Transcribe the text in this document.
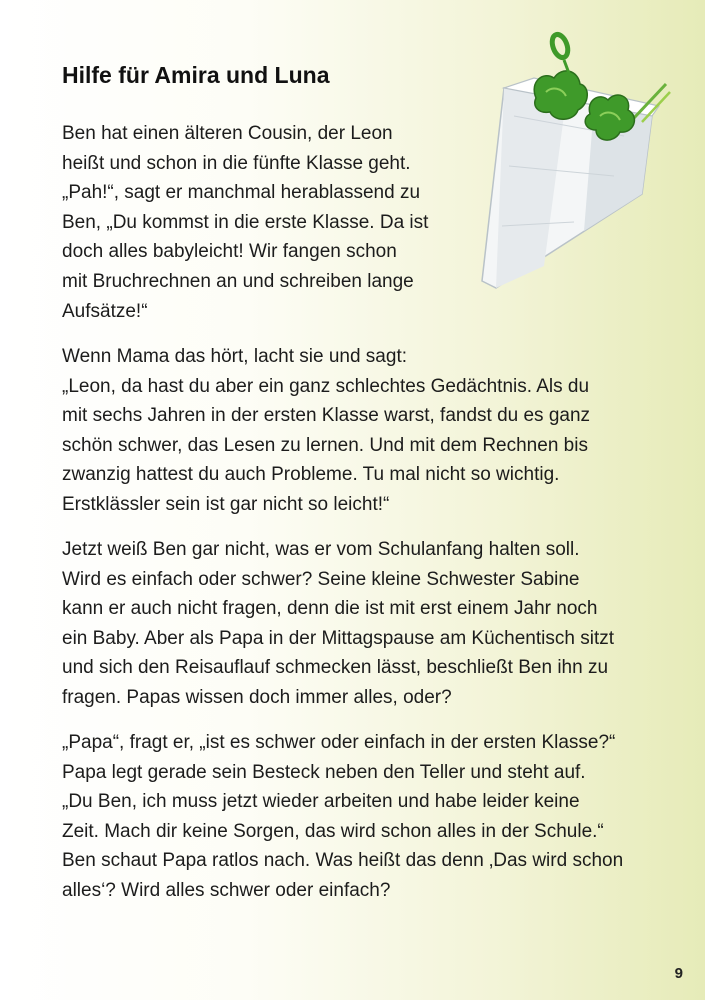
Hilfe für Amira und Luna

Ben hat einen älteren Cousin, der Leon
heißt und schon in die fünfte Klasse geht.
„Pah!“, sagt er manchmal herablassend zu
Ben, „Du kommst in die erste Klasse. Da ist
doch alles babyleicht! Wir fangen schon
mit Bruchrechnen an und schreiben lange
Aufsätze!“

Wenn Mama das hört, lacht sie und sagt:
„Leon, da hast du aber ein ganz schlechtes Gedächtnis. Als du
mit sechs Jahren in der ersten Klasse warst, fandst du es ganz
schön schwer, das Lesen zu lernen. Und mit dem Rechnen bis
zwanzig hattest du auch Probleme. Tu mal nicht so wichtig.
Erstklässler sein ist gar nicht so leicht!“

Jetzt weiß Ben gar nicht, was er vom Schulanfang halten soll.
Wird es einfach oder schwer? Seine kleine Schwester Sabine
kann er auch nicht fragen, denn die ist mit erst einem Jahr noch
ein Baby. Aber als Papa in der Mittagspause am Küchentisch sitzt
und sich den Reisauflauf schmecken lässt, beschließt Ben ihn zu
fragen. Papas wissen doch immer alles, oder?

„Papa“, fragt er, „ist es schwer oder einfach in der ersten Klasse?“
Papa legt gerade sein Besteck neben den Teller und steht auf.
„Du Ben, ich muss jetzt wieder arbeiten und habe leider keine
Zeit. Mach dir keine Sorgen, das wird schon alles in der Schule.“
Ben schaut Papa ratlos nach. Was heißt das denn ‚Das wird schon
alles‘? Wird alles schwer oder einfach?

9
